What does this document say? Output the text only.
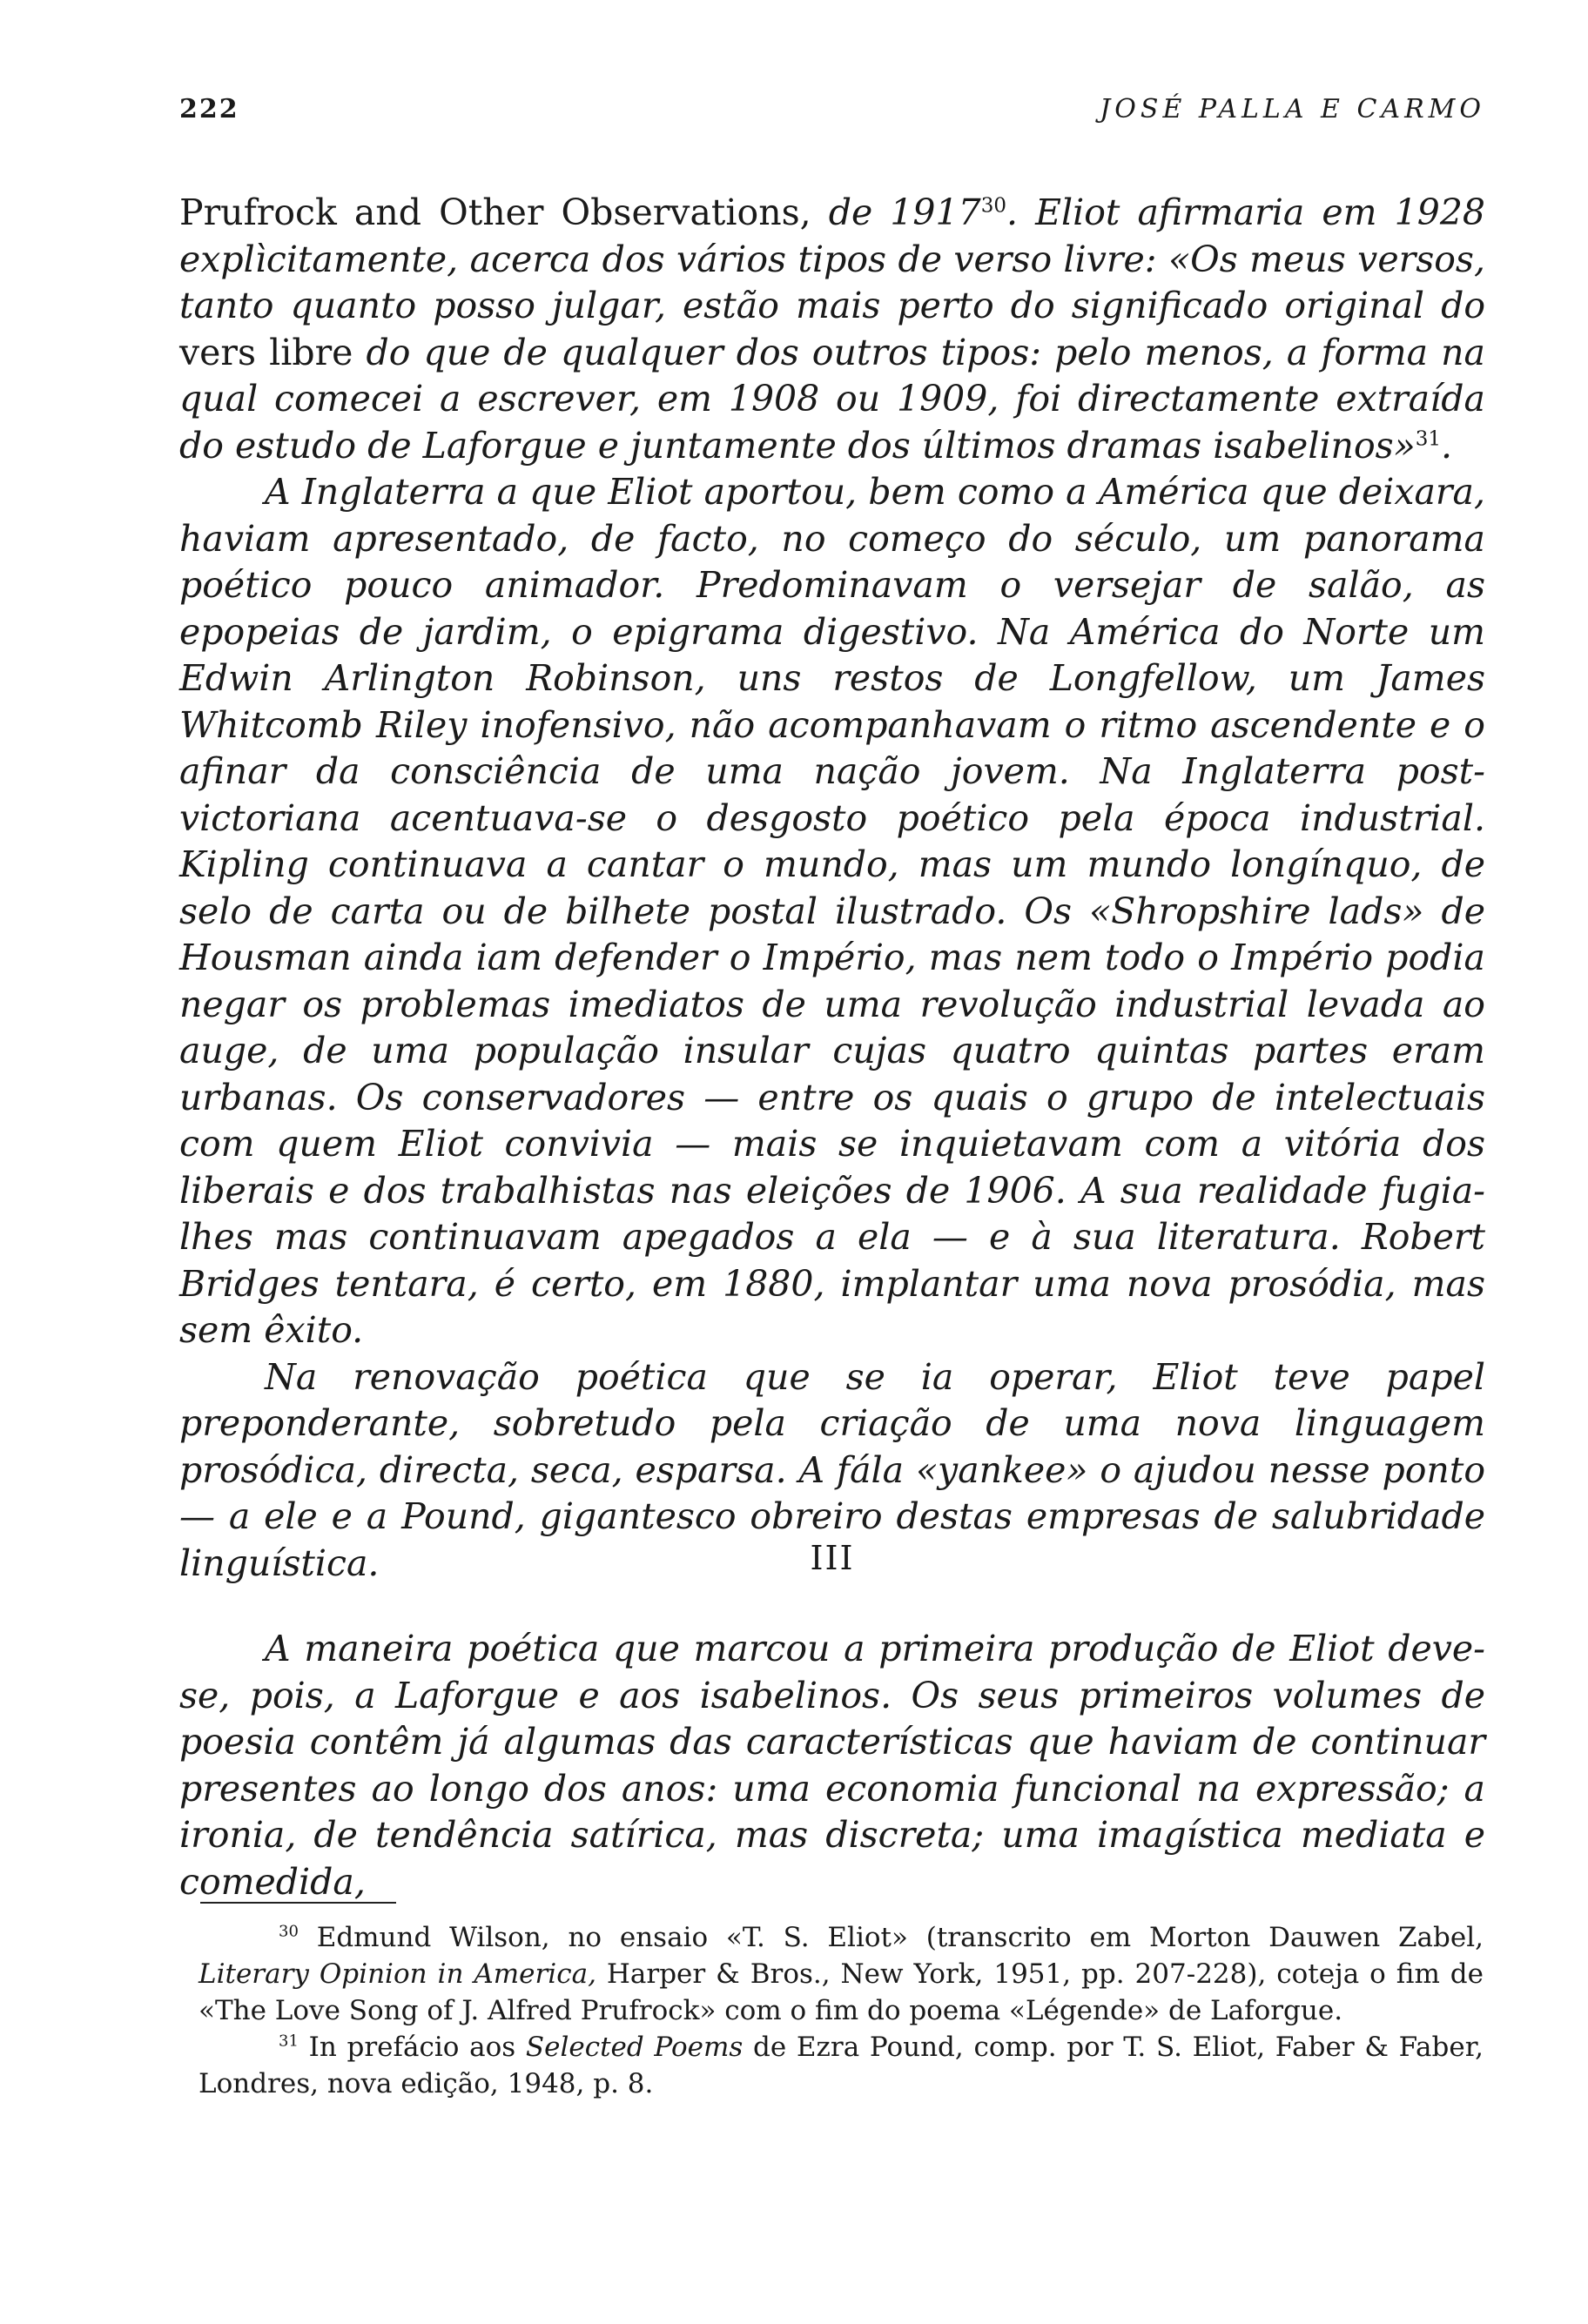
222	JOSÉ PALLA E CARMO

Prufrock and Other Observations, de 1917$^{30}$. Eliot afirmaria em 1928 explìcitamente, acerca dos vários tipos de verso livre: «Os meus versos, tanto quanto posso julgar, estão mais perto do significado original do vers libre do que de qualquer dos outros tipos: pelo menos, a forma na qual comecei a escrever, em 1908 ou 1909, foi directamente extraída do estudo de Laforgue e juntamente dos últimos dramas isabelinos»$^{31}$.

A Inglaterra a que Eliot aportou, bem como a América que deixara, haviam apresentado, de facto, no começo do século, um panorama poético pouco animador. Predominavam o versejar de salão, as epopeias de jardim, o epigrama digestivo. Na América do Norte um Edwin Arlington Robinson, uns restos de Longfellow, um James Whitcomb Riley inofensivo, não acompanhavam o ritmo ascendente e o afinar da consciência de uma nação jovem. Na Inglaterra post-victoriana acentuava-se o desgosto poético pela época industrial. Kipling continuava a cantar o mundo, mas um mundo longínquo, de selo de carta ou de bilhete postal ilustrado. Os «Shropshire lads» de Housman ainda iam defender o Império, mas nem todo o Império podia negar os problemas imediatos de uma revolução industrial levada ao auge, de uma população insular cujas quatro quintas partes eram urbanas. Os conservadores — entre os quais o grupo de intelectuais com quem Eliot convivia — mais se inquietavam com a vitória dos liberais e dos trabalhistas nas eleições de 1906. A sua realidade fugia-lhes mas continuavam apegados a ela — e à sua literatura. Robert Bridges tentara, é certo, em 1880, implantar uma nova prosódia, mas sem êxito.

Na renovação poética que se ia operar, Eliot teve papel preponderante, sobretudo pela criação de uma nova linguagem prosódica, directa, seca, esparsa. A fála «yankee» o ajudou nesse ponto — a ele e a Pound, gigantesco obreiro destas empresas de salubridade linguística.	III

A maneira poética que marcou a primeira produção de Eliot deve-se, pois, a Laforgue e aos isabelinos. Os seus primeiros volumes de poesia contêm já algumas das características que haviam de continuar presentes ao longo dos anos: uma economia funcional na expressão; a ironia, de tendência satírica, mas discreta; uma imagística mediata e comedida,

$^{30}$ Edmund Wilson, no ensaio «T. S. Eliot» (transcrito em Morton Dauwen Zabel, Literary Opinion in America, Harper & Bros., New York, 1951, pp. 207-228), coteja o fim de «The Love Song of J. Alfred Prufrock» com o fim do poema «Légende» de Laforgue.

$^{31}$ In prefácio aos Selected Poems de Ezra Pound, comp. por T. S. Eliot, Faber & Faber, Londres, nova edição, 1948, p. 8.
